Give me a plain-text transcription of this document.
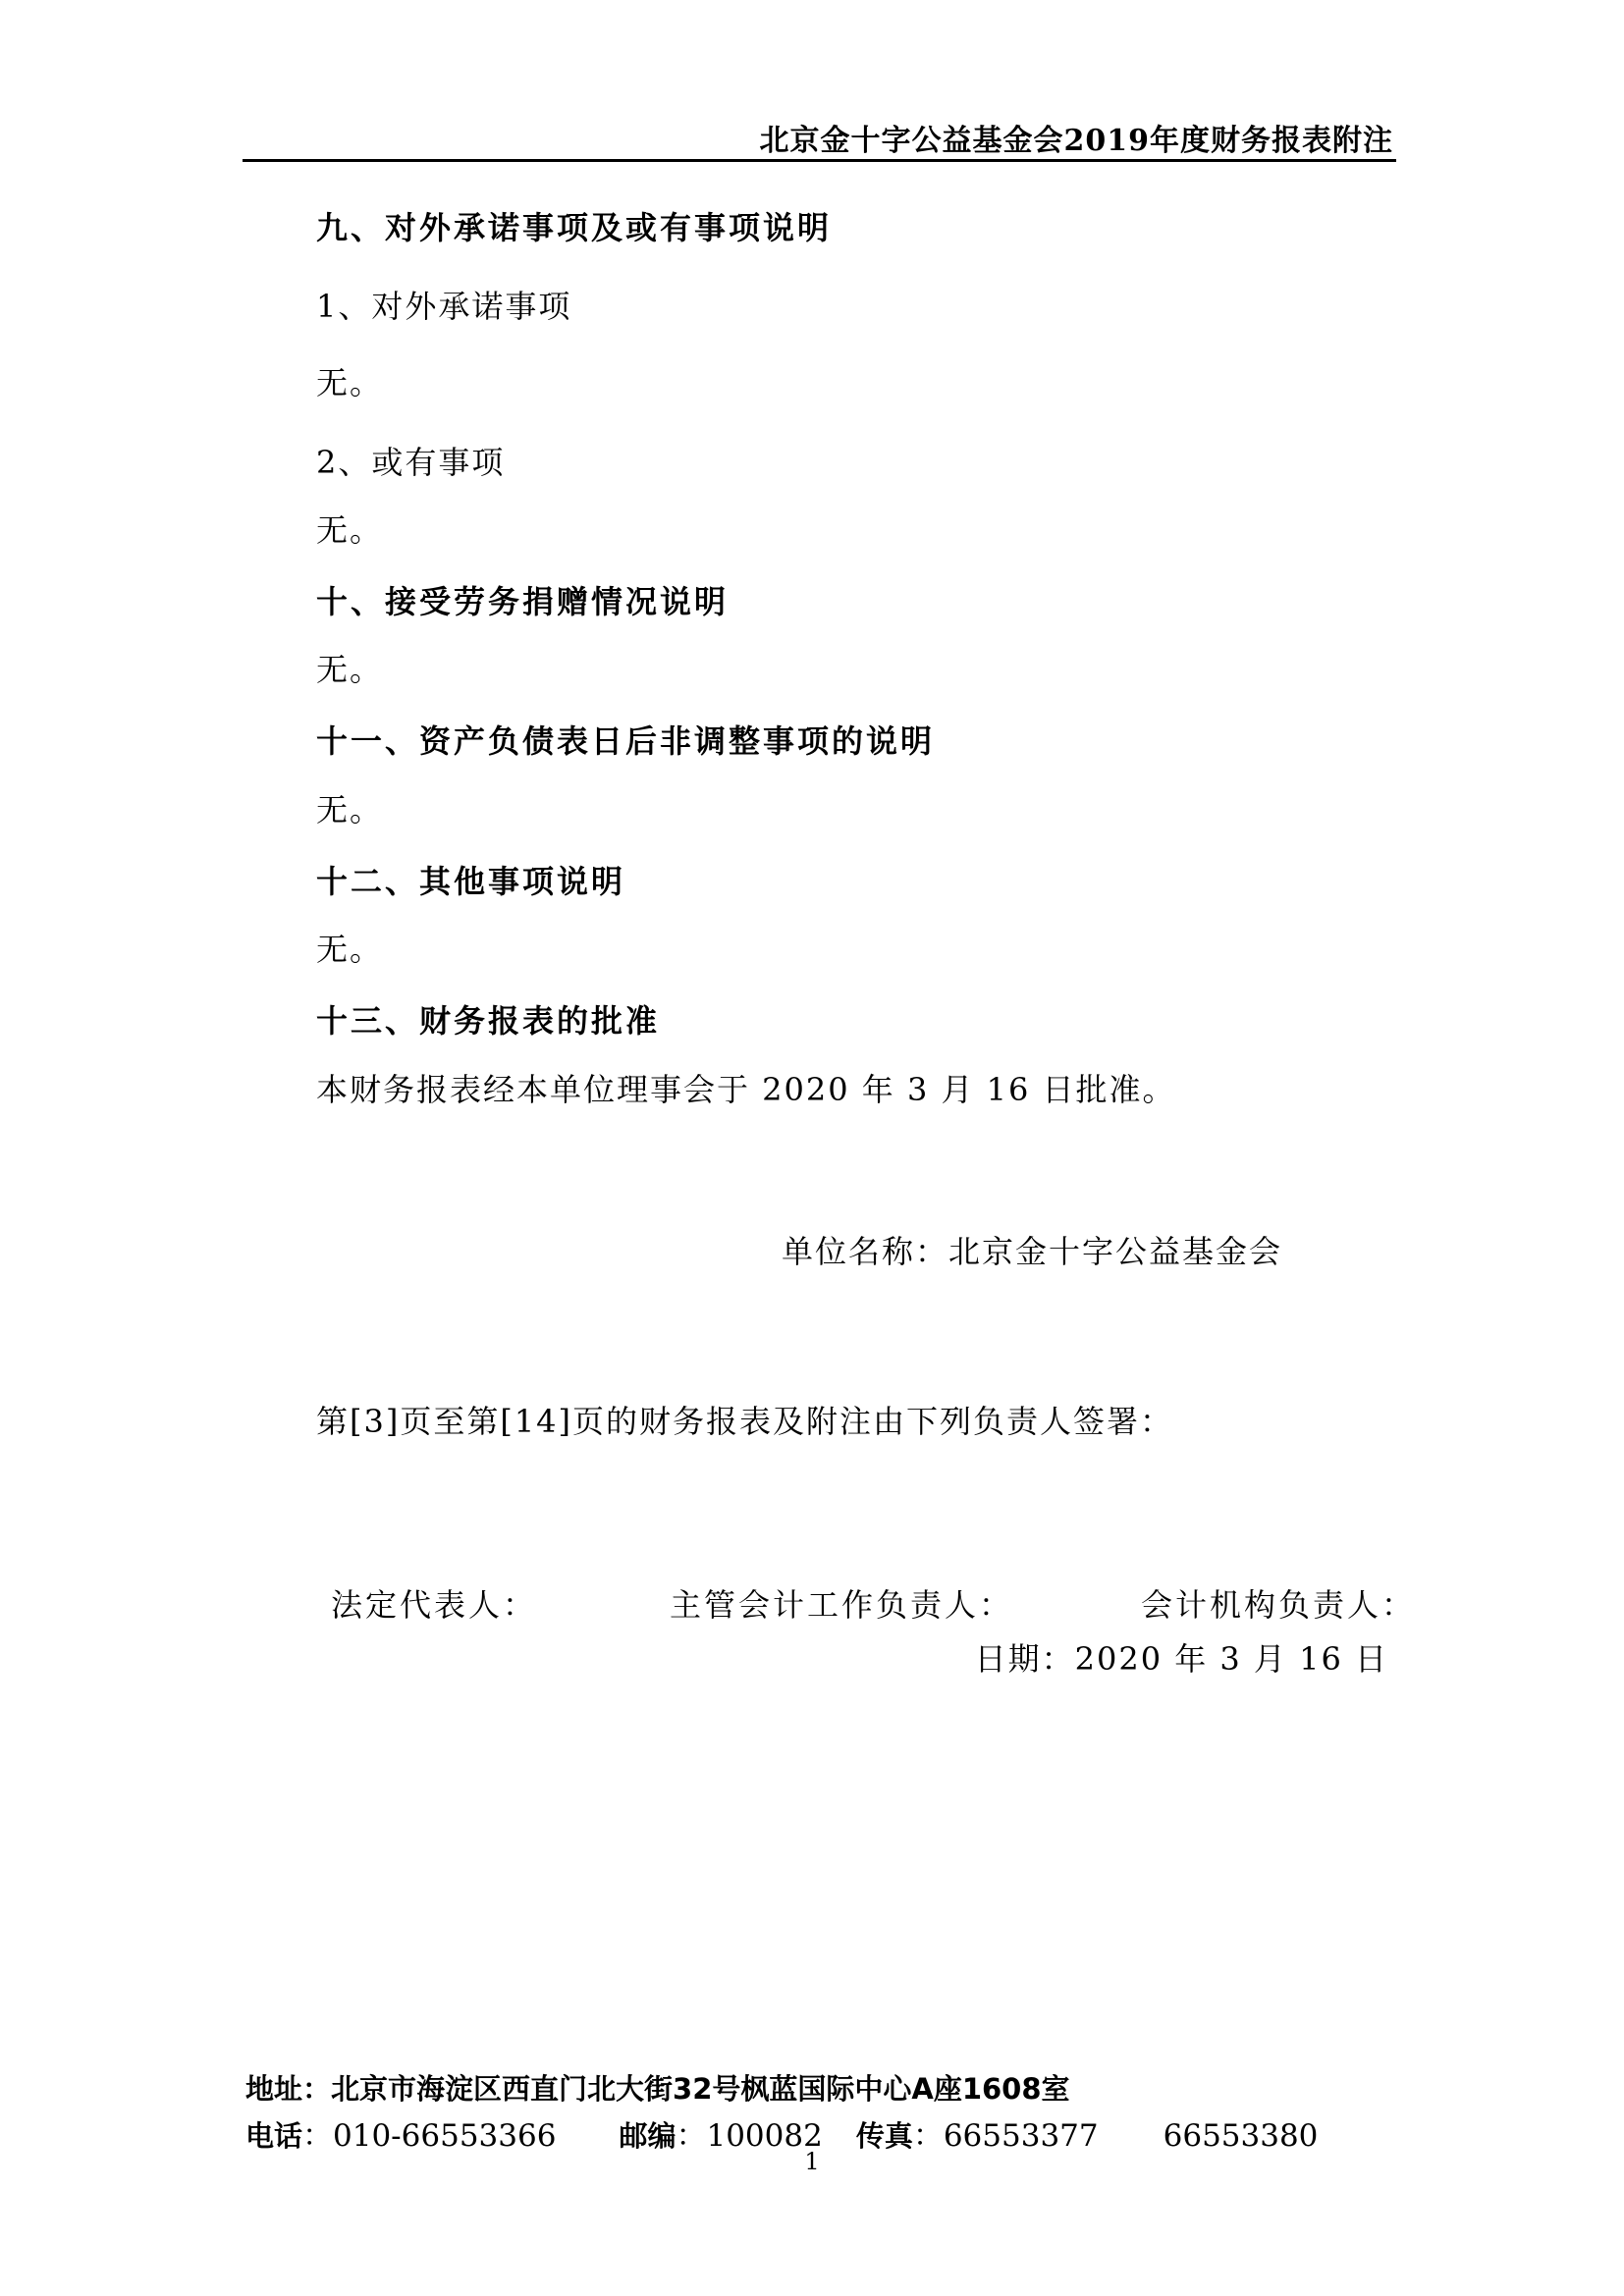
北京金十字公益基金会2019年度财务报表附注
九、对外承诺事项及或有事项说明
1、对外承诺事项
无。
2、或有事项
无。
十、接受劳务捐赠情况说明
无。
十一、资产负债表日后非调整事项的说明
无。
十二、其他事项说明
无。
十三、财务报表的批准
本财务报表经本单位理事会于 2020 年 3 月 16 日批准。
单位名称：北京金十字公益基金会
第[3]页至第[14]页的财务报表及附注由下列负责人签署：
法定代表人：	主管会计工作负责人：	会计机构负责人：
日期：2020 年 3 月 16 日
地址：北京市海淀区西直门北大街32号枫蓝国际中心A座1608室
电话：010-66553366 邮编：100082 传真：66553377 66553380
1
